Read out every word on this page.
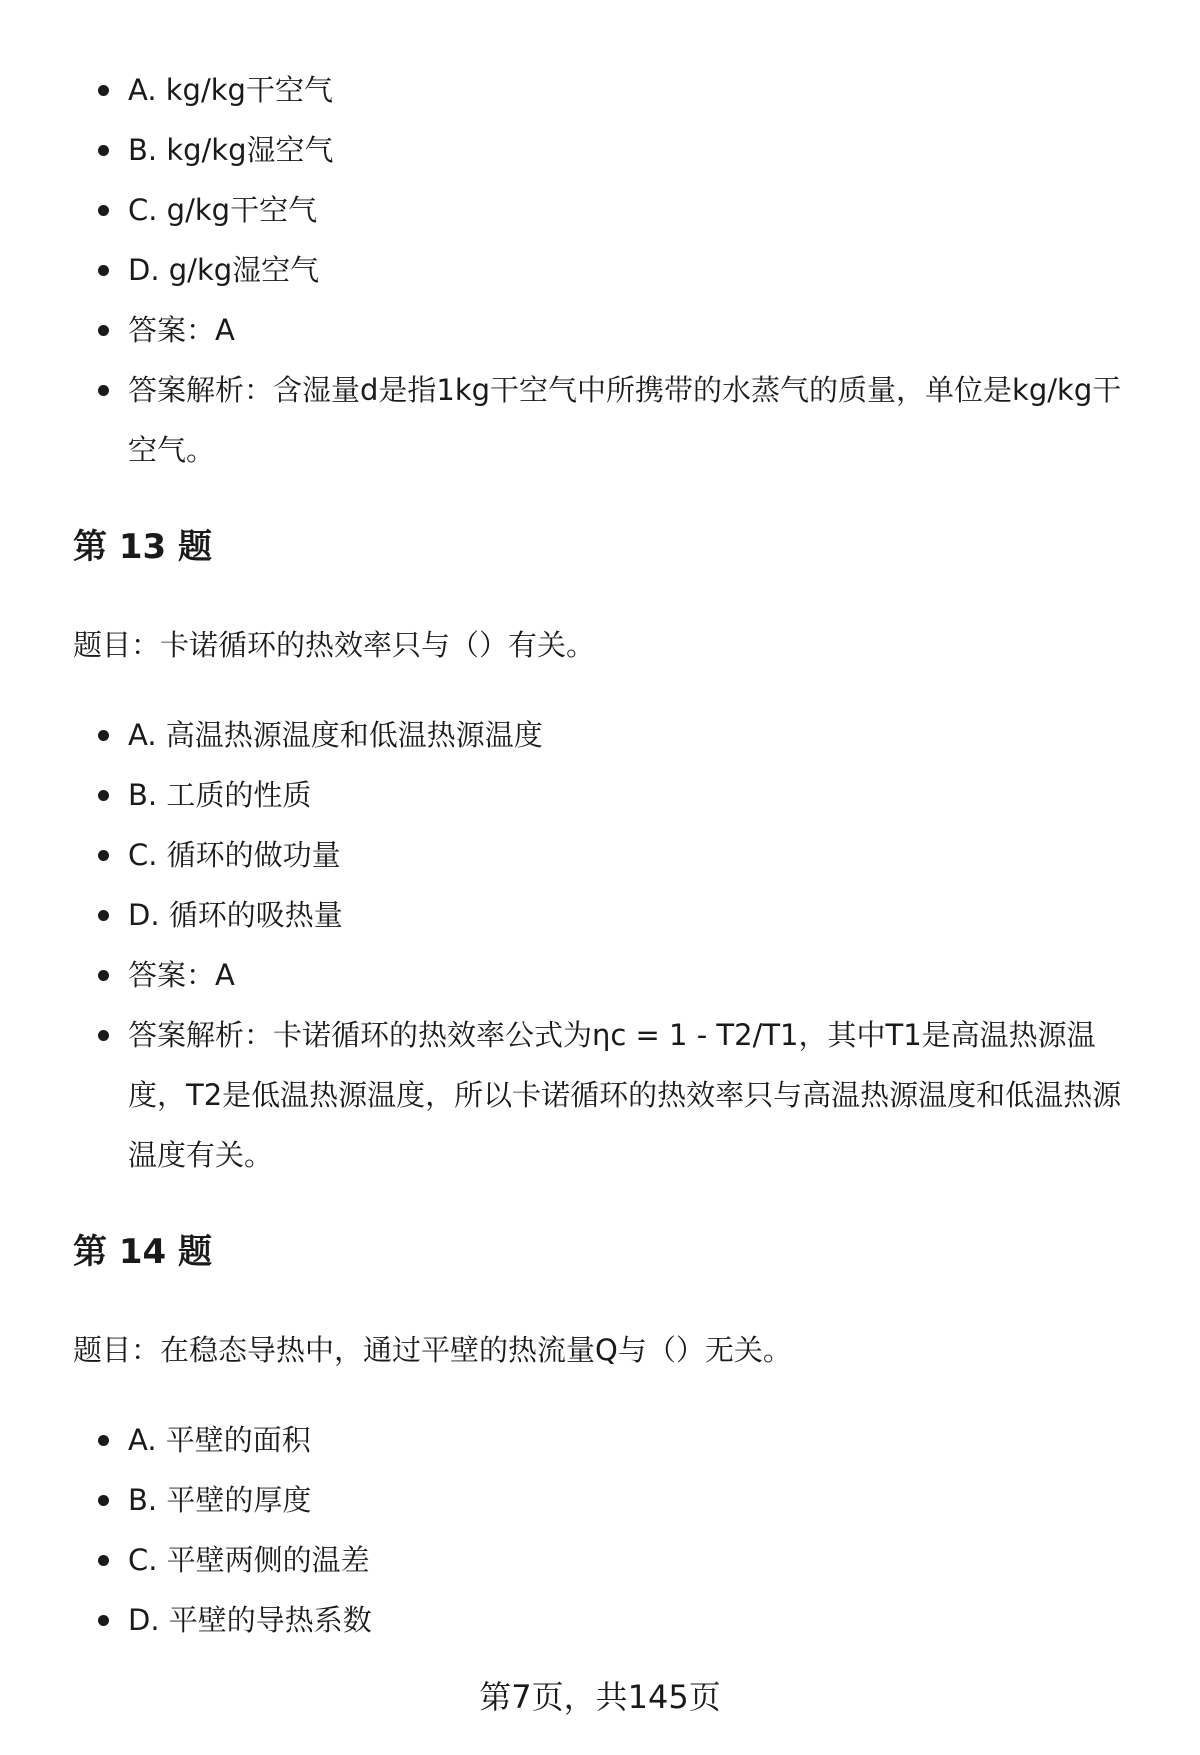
A. kg/kg干空气
B. kg/kg湿空气
C. g/kg干空气
D. g/kg湿空气
答案：A
答案解析：含湿量d是指1kg干空气中所携带的水蒸气的质量，单位是kg/kg干空气。
第 13 题
题目：卡诺循环的热效率只与（）有关。
A. 高温热源温度和低温热源温度
B. 工质的性质
C. 循环的做功量
D. 循环的吸热量
答案：A
答案解析：卡诺循环的热效率公式为ηc = 1 - T2/T1，其中T1是高温热源温度，T2是低温热源温度，所以卡诺循环的热效率只与高温热源温度和低温热源温度有关。
第 14 题
题目：在稳态导热中，通过平壁的热流量Q与（）无关。
A. 平壁的面积
B. 平壁的厚度
C. 平壁两侧的温差
D. 平壁的导热系数
第7页，共145页
